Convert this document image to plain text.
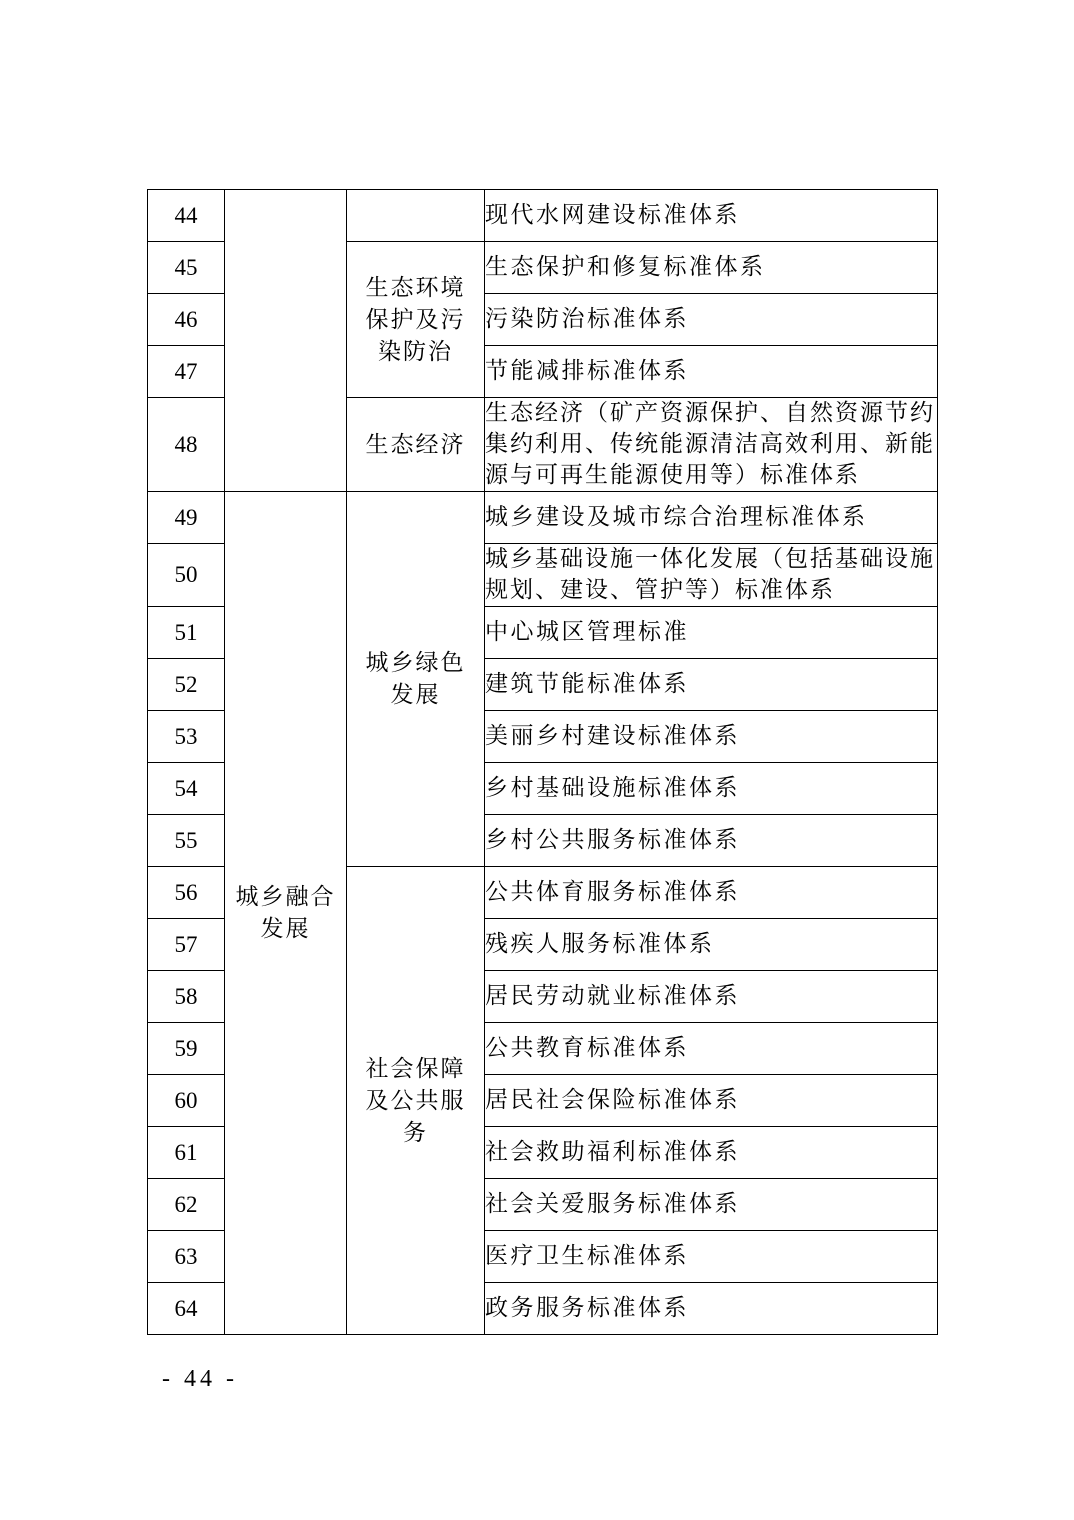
44			现代水网建设标准体系
45		生态环境保护及污染防治	生态保护和修复标准体系
46			污染防治标准体系
47			节能减排标准体系
48		生态经济	生态经济（矿产资源保护、自然资源节约集约利用、传统能源清洁高效利用、新能源与可再生能源使用等）标准体系
49	城乡融合发展	城乡绿色发展	城乡建设及城市综合治理标准体系
50			城乡基础设施一体化发展（包括基础设施规划、建设、管护等）标准体系
51			中心城区管理标准
52			建筑节能标准体系
53			美丽乡村建设标准体系
54			乡村基础设施标准体系
55			乡村公共服务标准体系
56		社会保障及公共服务	公共体育服务标准体系
57			残疾人服务标准体系
58			居民劳动就业标准体系
59			公共教育标准体系
60			居民社会保险标准体系
61			社会救助福利标准体系
62			社会关爱服务标准体系
63			医疗卫生标准体系
64			政务服务标准体系
- 44 -
